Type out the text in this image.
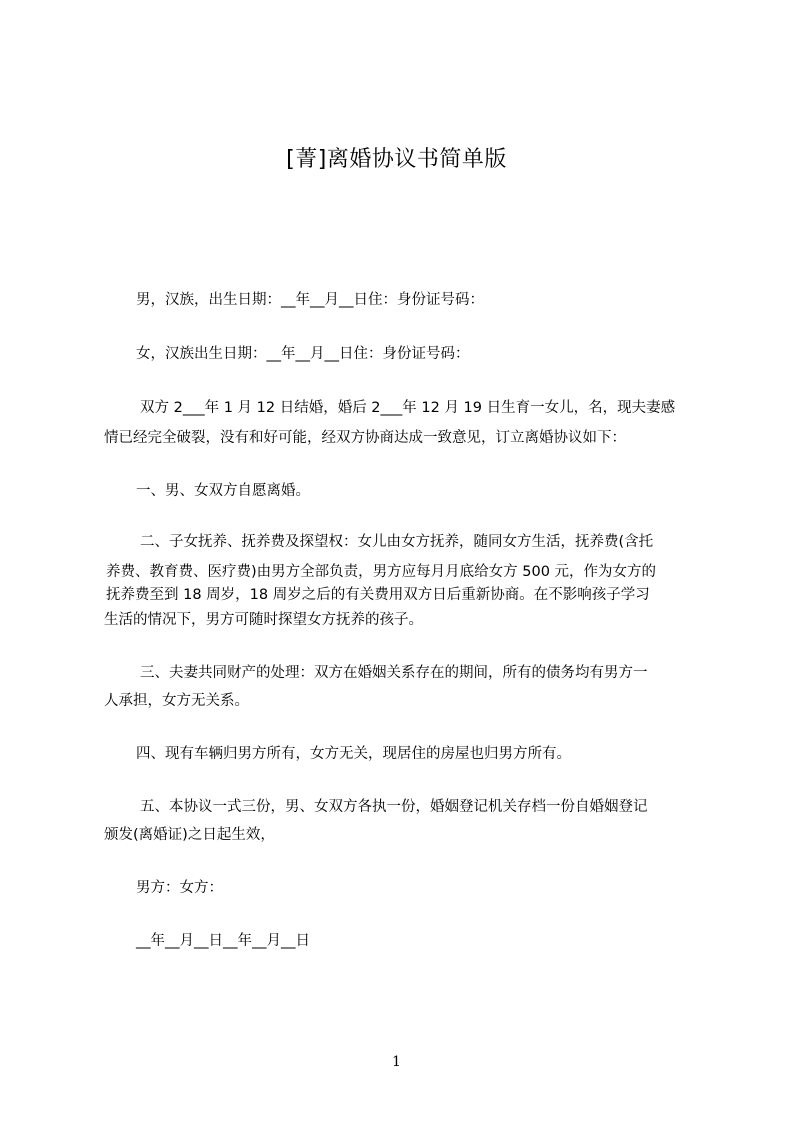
[菁]离婚协议书简单版
男，汉族，出生日期：__年__月__日住：身份证号码：
女，汉族出生日期：__年__月__日住：身份证号码：
双方 2___年 1 月 12 日结婚，婚后 2___年 12 月 19 日生育一女儿，名，现夫妻感
情已经完全破裂，没有和好可能，经双方协商达成一致意见，订立离婚协议如下：
一、男、女双方自愿离婚。
二、子女抚养、抚养费及探望权：女儿由女方抚养，随同女方生活，抚养费(含托
养费、教育费、医疗费)由男方全部负责，男方应每月月底给女方 500 元，作为女方的
抚养费至到 18 周岁，18 周岁之后的有关费用双方日后重新协商。在不影响孩子学习
生活的情况下，男方可随时探望女方抚养的孩子。
三、夫妻共同财产的处理：双方在婚姻关系存在的期间，所有的债务均有男方一
人承担，女方无关系。
四、现有车辆归男方所有，女方无关，现居住的房屋也归男方所有。
五、本协议一式三份，男、女双方各执一份，婚姻登记机关存档一份自婚姻登记
颁发(离婚证)之日起生效，
男方：女方：
__年__月__日__年__月__日
1
